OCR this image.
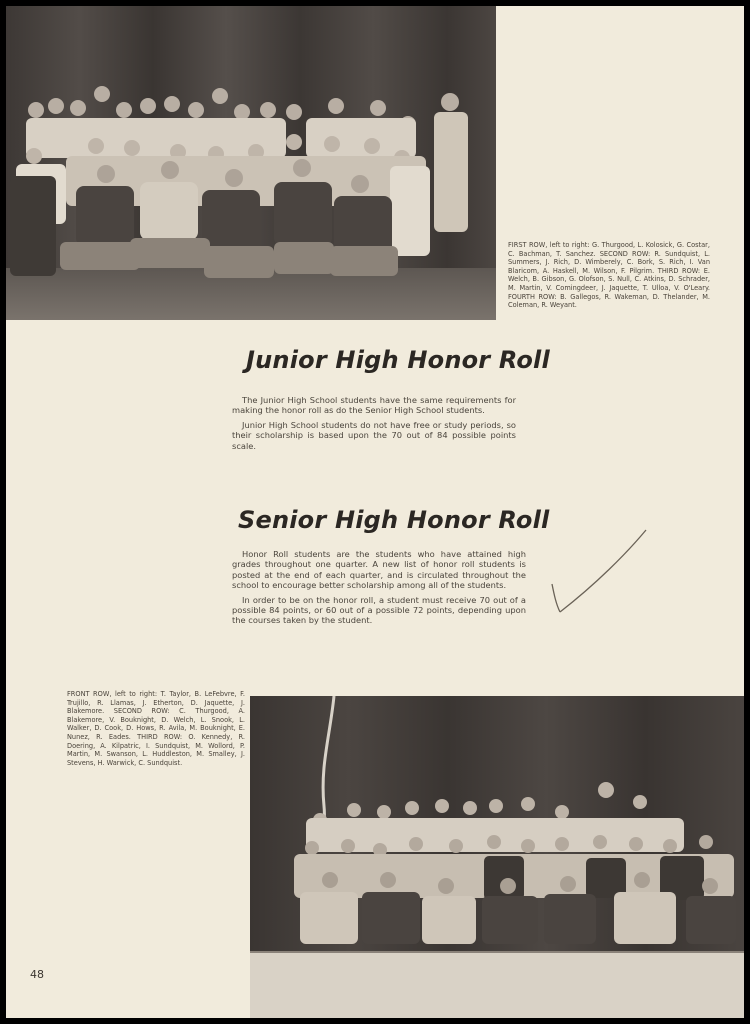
FIRST ROW, left to right: G. Thurgood, L. Kolosick, G. Costar, C. Bachman, T. Sanchez. SECOND ROW: R. Sundquist, L. Summers, J. Rich, D. Wimberely, C. Bork, S. Rich, I. Van Blaricom, A. Haskell, M. Wilson, F. Pilgrim. THIRD ROW: E. Welch, B. Gibson, G. Olofson, S. Null, C. Atkins, D. Schrader, M. Martin, V. Comingdeer, J. Jaquette, T. Ulloa, V. O'Leary. FOURTH ROW: B. Gallegos, R. Wakeman, D. Thelander, M. Coleman, R. Weyant.

Junior High Honor Roll

The Junior High School students have the same requirements for making the honor roll as do the Senior High School students.

Junior High School students do not have free or study periods, so their scholarship is based upon the 70 out of 84 possible points scale.

Senior High Honor Roll

Honor Roll students are the students who have attained high grades throughout one quarter. A new list of honor roll students is posted at the end of each quarter, and is circulated throughout the school to encourage better scholarship among all of the students.

In order to be on the honor roll, a student must receive 70 out of a possible 84 points, or 60 out of a possible 72 points, depending upon the courses taken by the student.

FRONT ROW, left to right: T. Taylor, B. LeFebvre, F. Trujillo, R. Llamas, J. Etherton, D. Jaquette, J. Blakemore. SECOND ROW: C. Thurgood, A. Blakemore, V. Bouknight, D. Welch, L. Snook, L. Walker, D. Cook, D. Hows, R. Avila, M. Bouknight, E. Nunez, R. Eades. THIRD ROW: O. Kennedy, R. Doering, A. Kilpatric, I. Sundquist, M. Wollord, P. Martin, M. Swanson, L. Huddleston, M. Smalley, J. Stevens, H. Warwick, C. Sundquist.

48
